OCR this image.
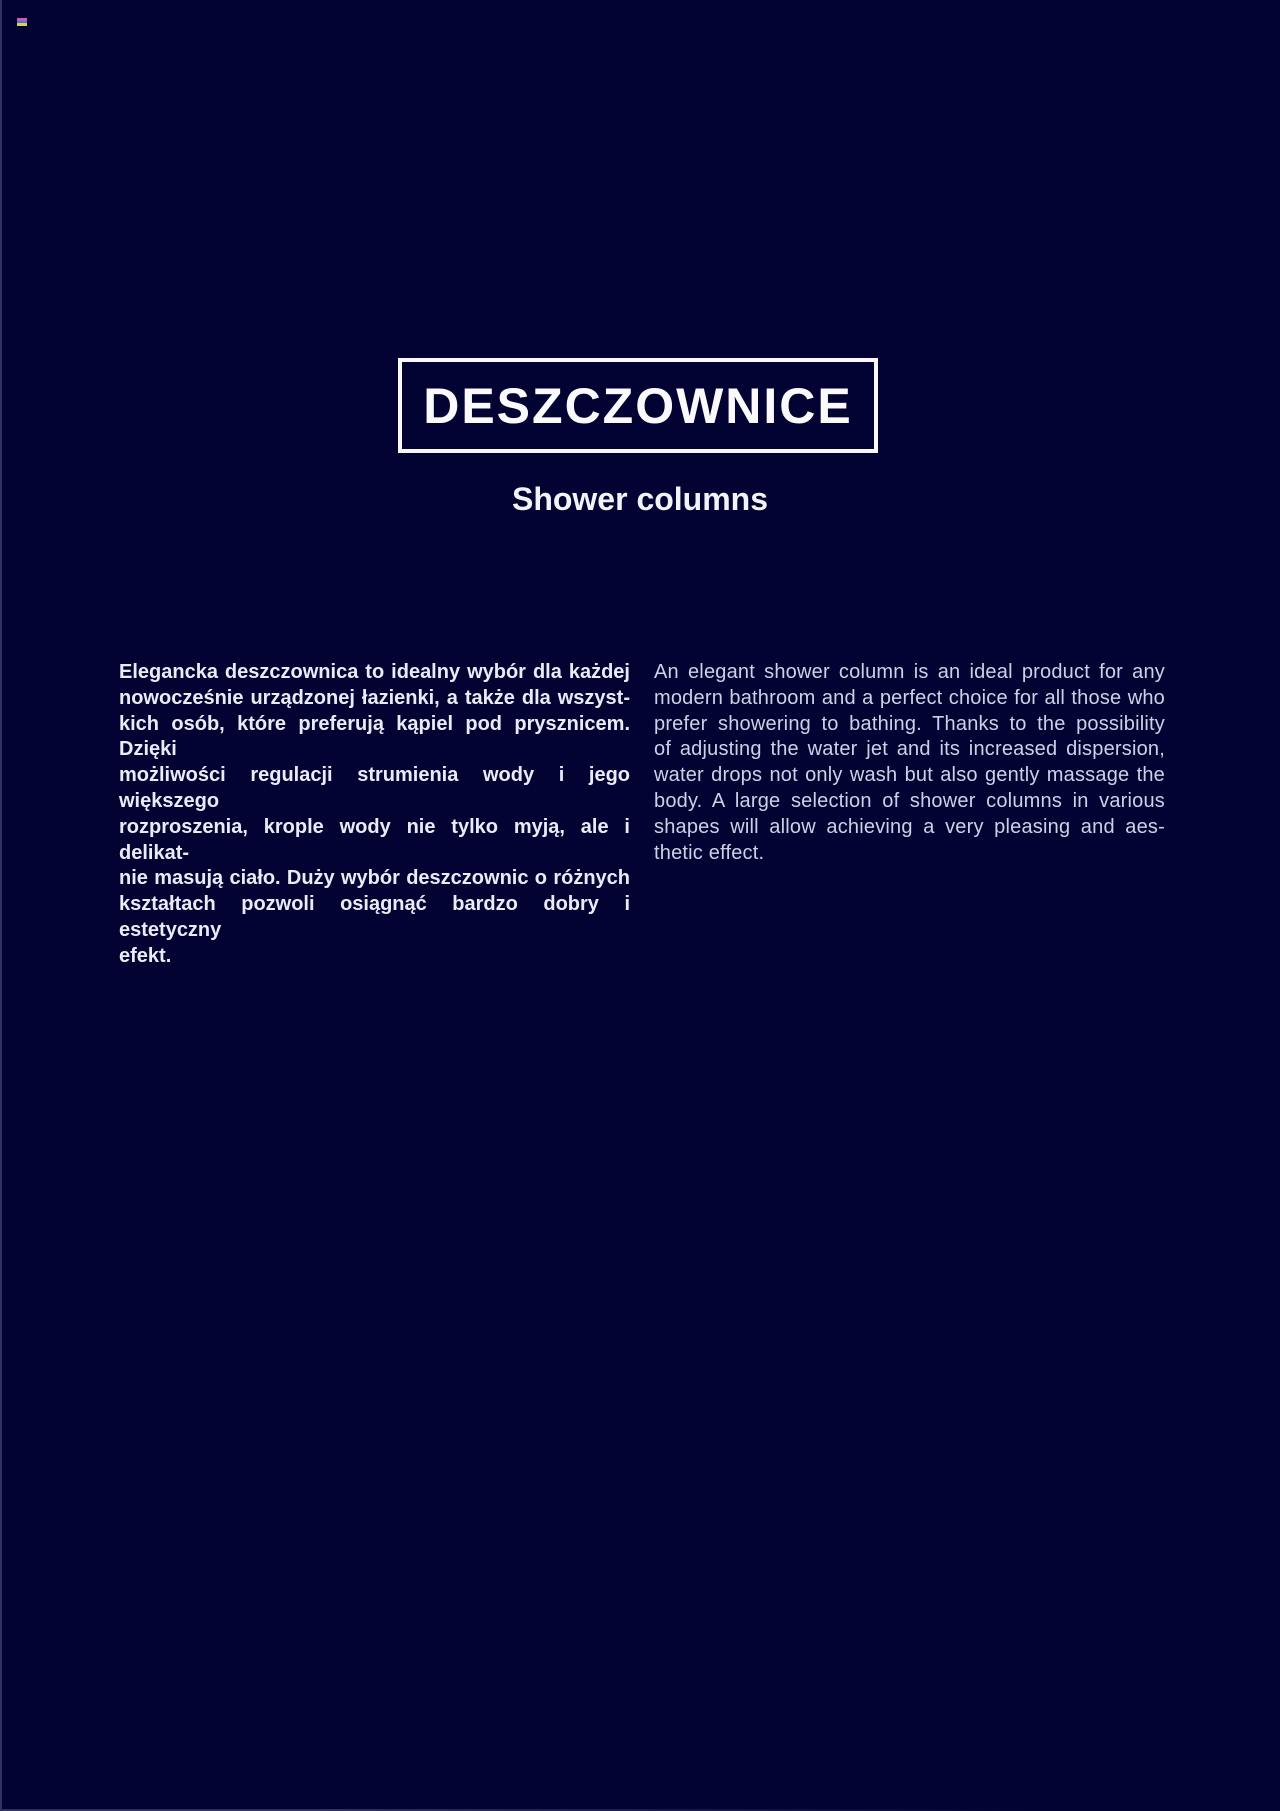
DESZCZOWNICE
Shower columns
Elegancka deszczownica to idealny wybór dla każdej
nowocześnie urządzonej łazienki, a także dla wszyst-
kich osób, które preferują kąpiel pod prysznicem. Dzięki
możliwości regulacji strumienia wody i jego większego
rozproszenia, krople wody nie tylko myją, ale i delikat-
nie masują ciało. Duży wybór deszczownic o różnych
kształtach pozwoli osiągnąć bardzo dobry i estetyczny
efekt.
An elegant shower column is an ideal product for any
modern bathroom and a perfect choice for all those who
prefer showering to bathing. Thanks to the possibility
of adjusting the water jet and its increased dispersion,
water drops not only wash but also gently massage the
body. A large selection of shower columns in various
shapes will allow achieving a very pleasing and aes-
thetic effect.
